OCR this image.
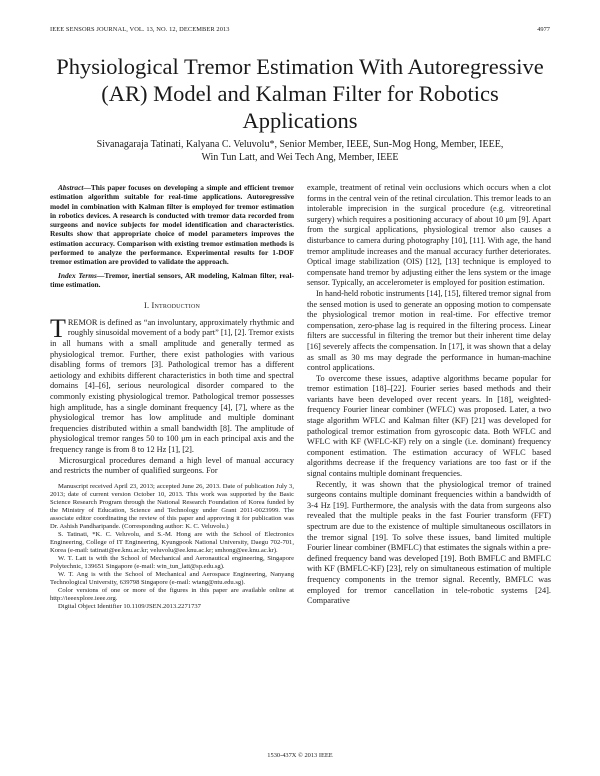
IEEE SENSORS JOURNAL, VOL. 13, NO. 12, DECEMBER 2013	4977
Physiological Tremor Estimation With Autoregressive (AR) Model and Kalman Filter for Robotics Applications
Sivanagaraja Tatinati, Kalyana C. Veluvolu*, Senior Member, IEEE, Sun-Mog Hong, Member, IEEE,
Win Tun Latt, and Wei Tech Ang, Member, IEEE

Abstract—This paper focuses on developing a simple and efficient tremor estimation algorithm suitable for real-time applications. Autoregressive model in combination with Kalman filter is employed for tremor estimation in robotics devices. A research is conducted with tremor data recorded from surgeons and novice subjects for model identification and characteristics. Results show that appropriate choice of model parameters improves the estimation accuracy. Comparison with existing tremor estimation methods is performed to analyze the performance. Experimental results for 1-DOF tremor estimation are provided to validate the approach.

Index Terms—Tremor, inertial sensors, AR modeling, Kalman filter, real-time estimation.

I. Introduction

TREMOR is defined as “an involuntary, approximately rhythmic and roughly sinusoidal movement of a body part” [1], [2]. Tremor exists in all humans with a small amplitude and generally termed as physiological tremor. Further, there exist pathologies with various disabling forms of tremors [3]. Pathological tremor has a different aetiology and exhibits different characteristics in both time and spectral domains [4]–[6], serious neurological disorder compared to the commonly existing physiological tremor. Pathological tremor possesses high amplitude, has a single dominant frequency [4], [7], where as the physiological tremor has low amplitude and multiple dominant frequencies distributed within a small bandwidth [8]. The amplitude of physiological tremor ranges 50 to 100 μm in each principal axis and the frequency range is from 8 to 12 Hz [1], [2].

Microsurgical procedures demand a high level of manual accuracy and restricts the number of qualified surgeons. For

Manuscript received April 23, 2013; accepted June 26, 2013. Date of publication July 3, 2013; date of current version October 10, 2013. This work was supported by the Basic Science Research Program through the National Research Foundation of Korea funded by the Ministry of Education, Science and Technology under Grant 2011-0023999. The associate editor coordinating the review of this paper and approving it for publication was Dr. Ashish Pandharipande. (Corresponding author: K. C. Veluvolu.)

S. Tatinati, *K. C. Veluvolu, and S.-M. Hong are with the School of Electronics Engineering, College of IT Engineering, Kyungpook National University, Daegu 702-701, Korea (e-mail: tatinati@ee.knu.ac.kr; veluvolu@ee.knu.ac.kr; smhong@ee.knu.ac.kr).

W. T. Latt is with the School of Mechanical and Aeronautical engineering, Singapore Polytechnic, 139651 Singapore (e-mail: win_tun_latt@sp.edu.sg).

W. T. Ang is with the School of Mechanical and Aerospace Engineering, Nanyang Technological University, 639798 Singapore (e-mail: wtang@ntu.edu.sg).

Color versions of one or more of the figures in this paper are available online at http://ieeexplore.ieee.org.

Digital Object Identifier 10.1109/JSEN.2013.2271737

example, treatment of retinal vein occlusions which occurs when a clot forms in the central vein of the retinal circulation. This tremor leads to an intolerable imprecision in the surgical procedure (e.g. vitreoretinal surgery) which requires a positioning accuracy of about 10 μm [9]. Apart from the surgical applications, physiological tremor also causes a disturbance to camera during photography [10], [11]. With age, the hand tremor amplitude increases and the manual accuracy further deteriorates. Optical image stabilization (OIS) [12], [13] technique is employed to compensate hand tremor by adjusting either the lens system or the image sensor. Typically, an accelerometer is employed for position estimation.

In hand-held robotic instruments [14], [15], filtered tremor signal from the sensed motion is used to generate an opposing motion to compensate the physiological tremor motion in real-time. For effective tremor compensation, zero-phase lag is required in the filtering process. Linear filters are successful in filtering the tremor but their inherent time delay [16] severely affects the compensation. In [17], it was shown that a delay as small as 30 ms may degrade the performance in human-machine control applications.

To overcome these issues, adaptive algorithms became popular for tremor estimation [18]–[22]. Fourier series based methods and their variants have been developed over recent years. In [18], weighted-frequency Fourier linear combiner (WFLC) was proposed. Later, a two stage algorithm WFLC and Kalman filter (KF) [21] was developed for pathological tremor estimation from gyroscopic data. Both WFLC and WFLC with KF (WFLC-KF) rely on a single (i.e. dominant) frequency component estimation. The estimation accuracy of WFLC based algorithms decrease if the frequency variations are too fast or if the signal contains multiple dominant frequencies.

Recently, it was shown that the physiological tremor of trained surgeons contains multiple dominant frequencies within a bandwidth of 3-4 Hz [19]. Furthermore, the analysis with the data from surgeons also revealed that the multiple peaks in the fast Fourier transform (FFT) spectrum are due to the existence of multiple simultaneous oscillators in the tremor signal [19]. To solve these issues, band limited multiple Fourier linear combiner (BMFLC) that estimates the signals within a pre-defined frequency band was developed [19]. Both BMFLC and BMFLC with KF (BMFLC-KF) [23], rely on simultaneous estimation of multiple frequency components in the tremor signal. Recently, BMFLC was employed for tremor cancellation in tele-robotic systems [24]. Comparative

1530-437X © 2013 IEEE
